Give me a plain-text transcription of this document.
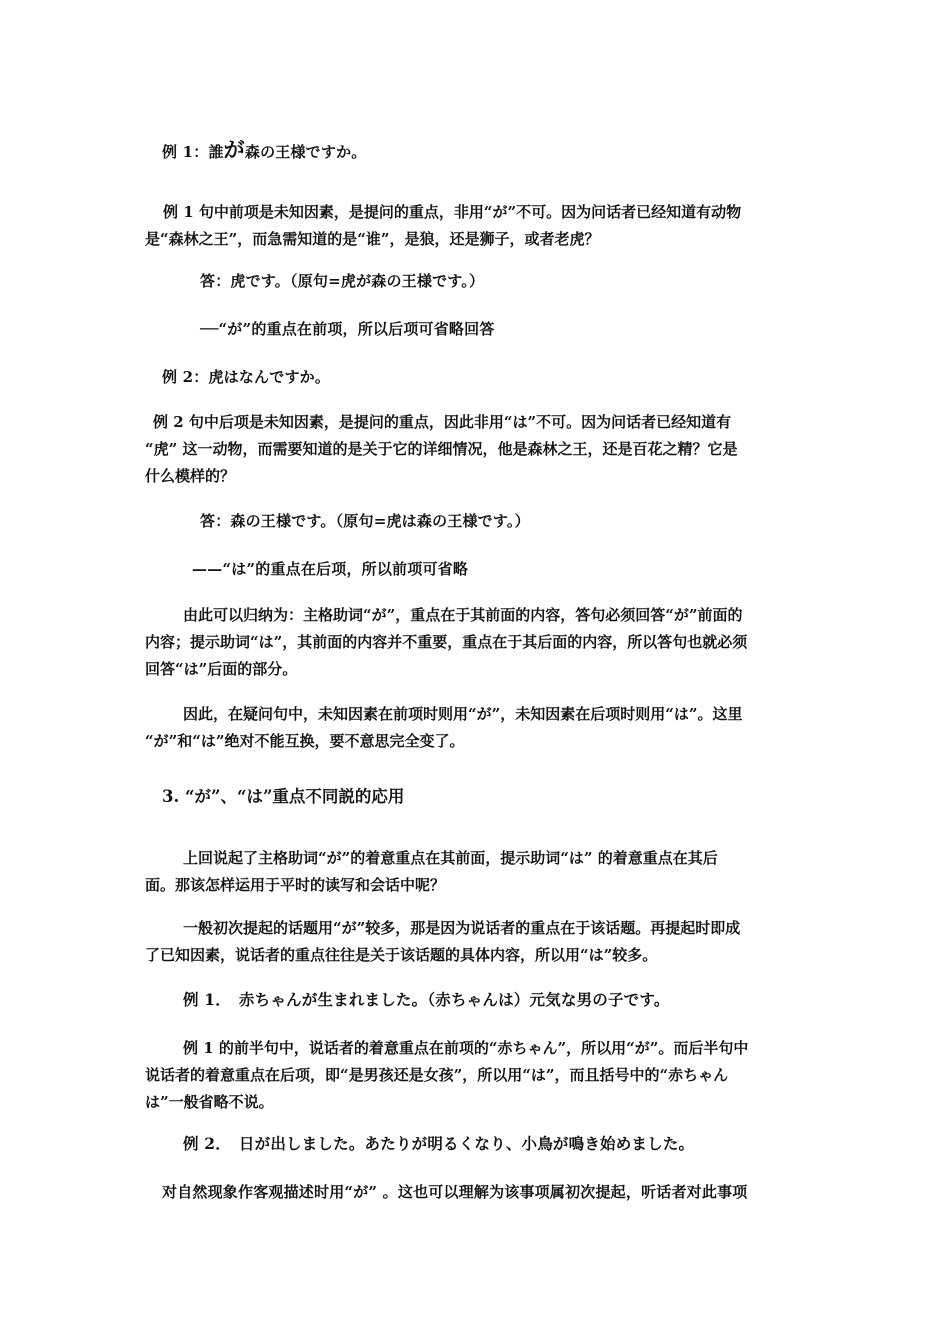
例 1：誰が森の王様ですか。
例 1 句中前项是未知因素，是提问的重点，非用“が”不可。因为问话者已经知道有动物
是“森林之王”，而急需知道的是“谁”，是狼，还是狮子，或者老虎？
答：虎です。（原句=虎が森の王様です。）
──“が”的重点在前项，所以后项可省略回答
例 2：虎はなんですか。
例 2 句中后项是未知因素，是提问的重点，因此非用“は”不可。因为问话者已经知道有
“虎” 这一动物，而需要知道的是关于它的详细情况，他是森林之王，还是百花之精？它是
什么模样的？
答：森の王様です。（原句=虎は森の王様です。）
——“は”的重点在后项，所以前项可省略
由此可以归纳为：主格助词“が”，重点在于其前面的内容，答句必须回答“が”前面的
内容；提示助词“は”，其前面的内容并不重要，重点在于其后面的内容，所以答句也就必须
回答“は”后面的部分。
因此，在疑问句中，未知因素在前项时则用“が”，未知因素在后项时则用“は”。这里
“が”和“は”绝对不能互换，要不意思完全变了。
3. “が”、“は”重点不同説的応用
上回说起了主格助词“が”的着意重点在其前面，提示助词“は” 的着意重点在其后
面。那该怎样运用于平时的读写和会话中呢？
一般初次提起的话题用“が”较多，那是因为说话者的重点在于该话题。再提起时即成
了已知因素，说话者的重点往往是关于该话题的具体内容，所以用“は”较多。
例 1．　赤ちゃんが生まれました。（赤ちゃんは）元気な男の子です。
例 1 的前半句中，说话者的着意重点在前项的“赤ちゃん”，所以用“が”。而后半句中
说话者的着意重点在后项，即“是男孩还是女孩”，所以用“は”，而且括号中的“赤ちゃん
は”一般省略不说。
例 2．　日が出しました。あたりが明るくなり、小鳥が鳴き始めました。
对自然现象作客观描述时用“が” 。这也可以理解为该事项属初次提起，听话者对此事项
